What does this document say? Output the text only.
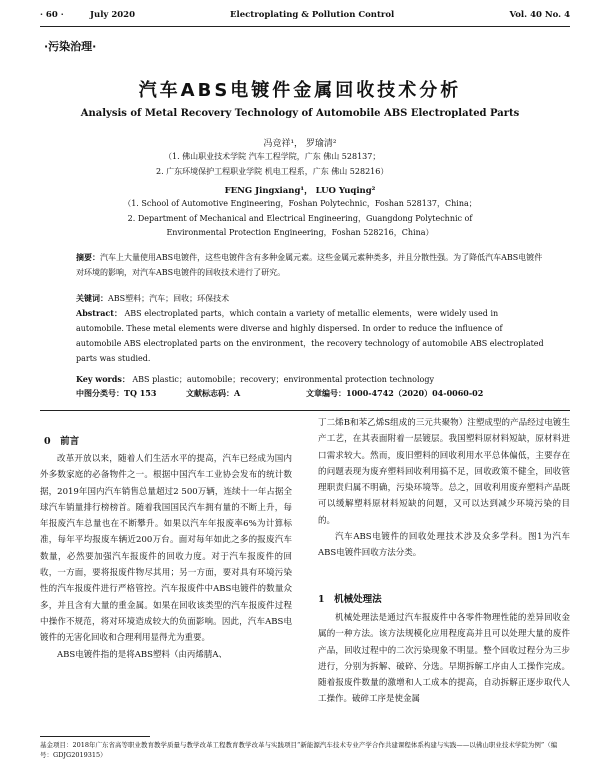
· 60 ·	July 2020	Electroplating & Pollution Control	Vol. 40 No. 4
·污染治理·
汽车ABS电镀件金属回收技术分析
Analysis of Metal Recovery Technology of Automobile ABS Electroplated Parts
冯竞祥¹， 罗瑜清²

（1. 佛山职业技术学院 汽车工程学院，广东 佛山 528137；

2. 广东环境保护工程职业学院 机电工程系，广东 佛山 528216）

FENG Jingxiang¹， LUO Yuqing²

（1. School of Automotive Engineering，Foshan Polytechnic，Foshan 528137，China；

2. Department of Mechanical and Electrical Engineering，Guangdong Polytechnic of

Environmental Protection Engineering，Foshan 528216，China）

摘要：汽车上大量使用ABS电镀件，这些电镀件含有多种金属元素。这些金属元素种类多，并且分散性强。为了降低汽车ABS电镀件对环境的影响，对汽车ABS电镀件的回收技术进行了研究。
关键词：ABS塑料；汽车；回收；环保技术
Abstract： ABS electroplated parts，which contain a variety of metallic elements，were widely used in automobile. These metal elements were diverse and highly dispersed. In order to reduce the influence of automobile ABS electroplated parts on the environment，the recovery technology of automobile ABS electroplated parts was studied.
Key words： ABS plastic；automobile；recovery；environmental protection technology
中图分类号：TQ 153	文献标志码：A	文章编号：1000-4742（2020）04-0060-02
0　前言

改革开放以来，随着人们生活水平的提高，汽车已经成为国内外多数家庭的必备物件之一。根据中国汽车工业协会发布的统计数据，2019年国内汽车销售总量超过2 500万辆，连续十一年占据全球汽车销量排行榜榜首。随着我国国民汽车拥有量的不断上升，每年报废汽车总量也在不断攀升。如果以汽车年报废率6%为计算标准，每年平均报废车辆近200万台。面对每年如此之多的报废汽车数量，必然要加强汽车报废件的回收力度。对于汽车报废件的回收，一方面，要将报废件物尽其用；另一方面，要对具有环境污染性的汽车报废件进行严格管控。汽车报废件中ABS电镀件的数量众多，并且含有大量的重金属。如果在回收该类型的汽车报废件过程中操作不规范，将对环境造成较大的负面影响。因此，汽车ABS电镀件的无害化回收和合理利用显得尤为重要。

ABS电镀件指的是将ABS塑料（由丙烯腈A、

丁二烯B和苯乙烯S组成的三元共聚物）注塑成型的产品经过电镀生产工艺，在其表面附着一层镀层。我国塑料原材料短缺，原材料进口需求较大。然而，废旧塑料的回收利用水平总体偏低，主要存在的问题表现为废弃塑料回收利用搞不足，回收政策不健全，回收管理职责归属不明确，污染环境等。总之，回收利用废弃塑料产品既可以缓解塑料原材料短缺的问题，又可以达到减少环境污染的目的。

汽车ABS电镀件的回收处理技术涉及众多学科。图1为汽车ABS电镀件回收方法分类。

1　机械处理法

机械处理法是通过汽车报废件中各零件物理性能的差异回收金属的一种方法。该方法规模化应用程度高并且可以处理大量的废件产品，回收过程中的二次污染现象不明显。整个回收过程分为三步进行，分别为拆解、破碎、分选。早期拆解工序由人工操作完成。随着报废件数量的激增和人工成本的提高，自动拆解正逐步取代人工操作。破碎工序是使金属

基金项目：2018年广东省高等职业教育教学质量与教学改革工程教育教学改革与实践项目“新能源汽车技术专业产学合作共建课程体系构建与实践——以佛山职业技术学院为例”（编号：GDJG2019315）
